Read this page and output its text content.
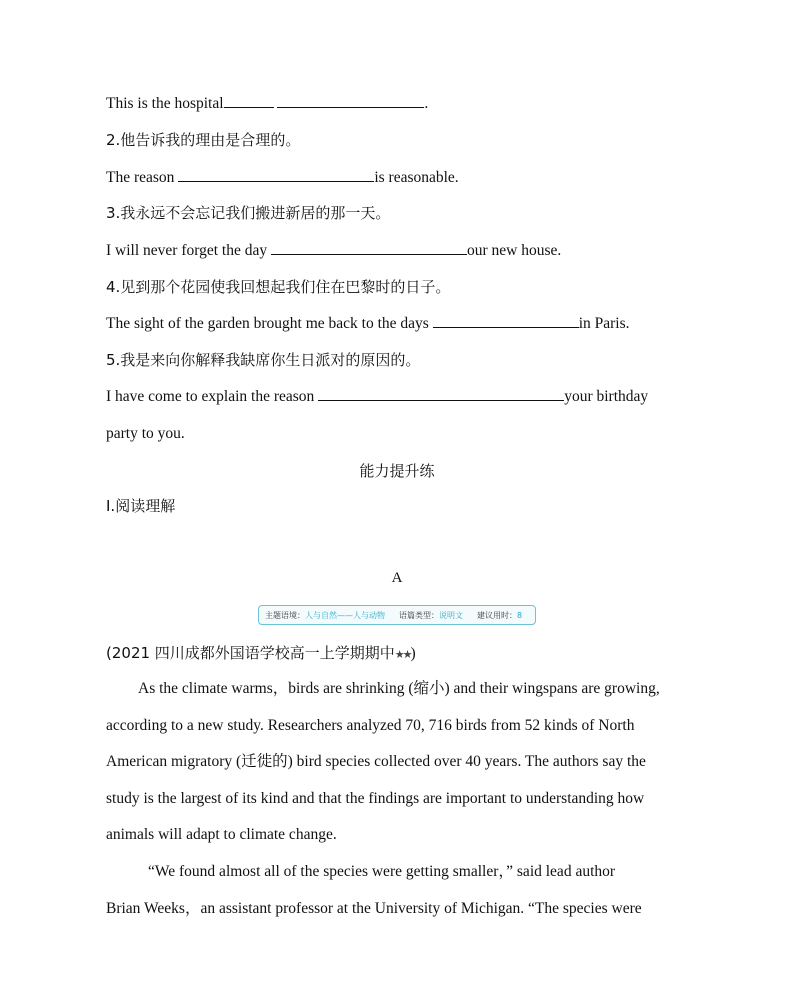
This is the hospital	.
2.他告诉我的理由是合理的。
The reason	is reasonable.
3.我永远不会忘记我们搬进新居的那一天。
I will never forget the day	our new house.
4.见到那个花园使我回想起我们住在巴黎时的日子。
The sight of the garden brought me back to the days	in Paris.
5.我是来向你解释我缺席你生日派对的原因的。
I have come to explain the reason	your birthday
party to you.
能力提升练
Ⅰ.阅读理解
A
主题语境：人与自然——人与动物 语篇类型：说明文 建议用时：8
(2021 四川成都外国语学校高一上学期期中★★)
As the climate warms，birds are shrinking (缩小) and their wingspans are growing,
according to a new study. Researchers analyzed 70, 716 birds from 52 kinds of North
American migratory (迁徙的) bird species collected over 40 years. The authors say the
study is the largest of its kind and that the findings are important to understanding how
animals will adapt to climate change.
“We found almost all of the species were getting smaller，” said lead author
Brian Weeks，an assistant professor at the University of Michigan. “The species were
